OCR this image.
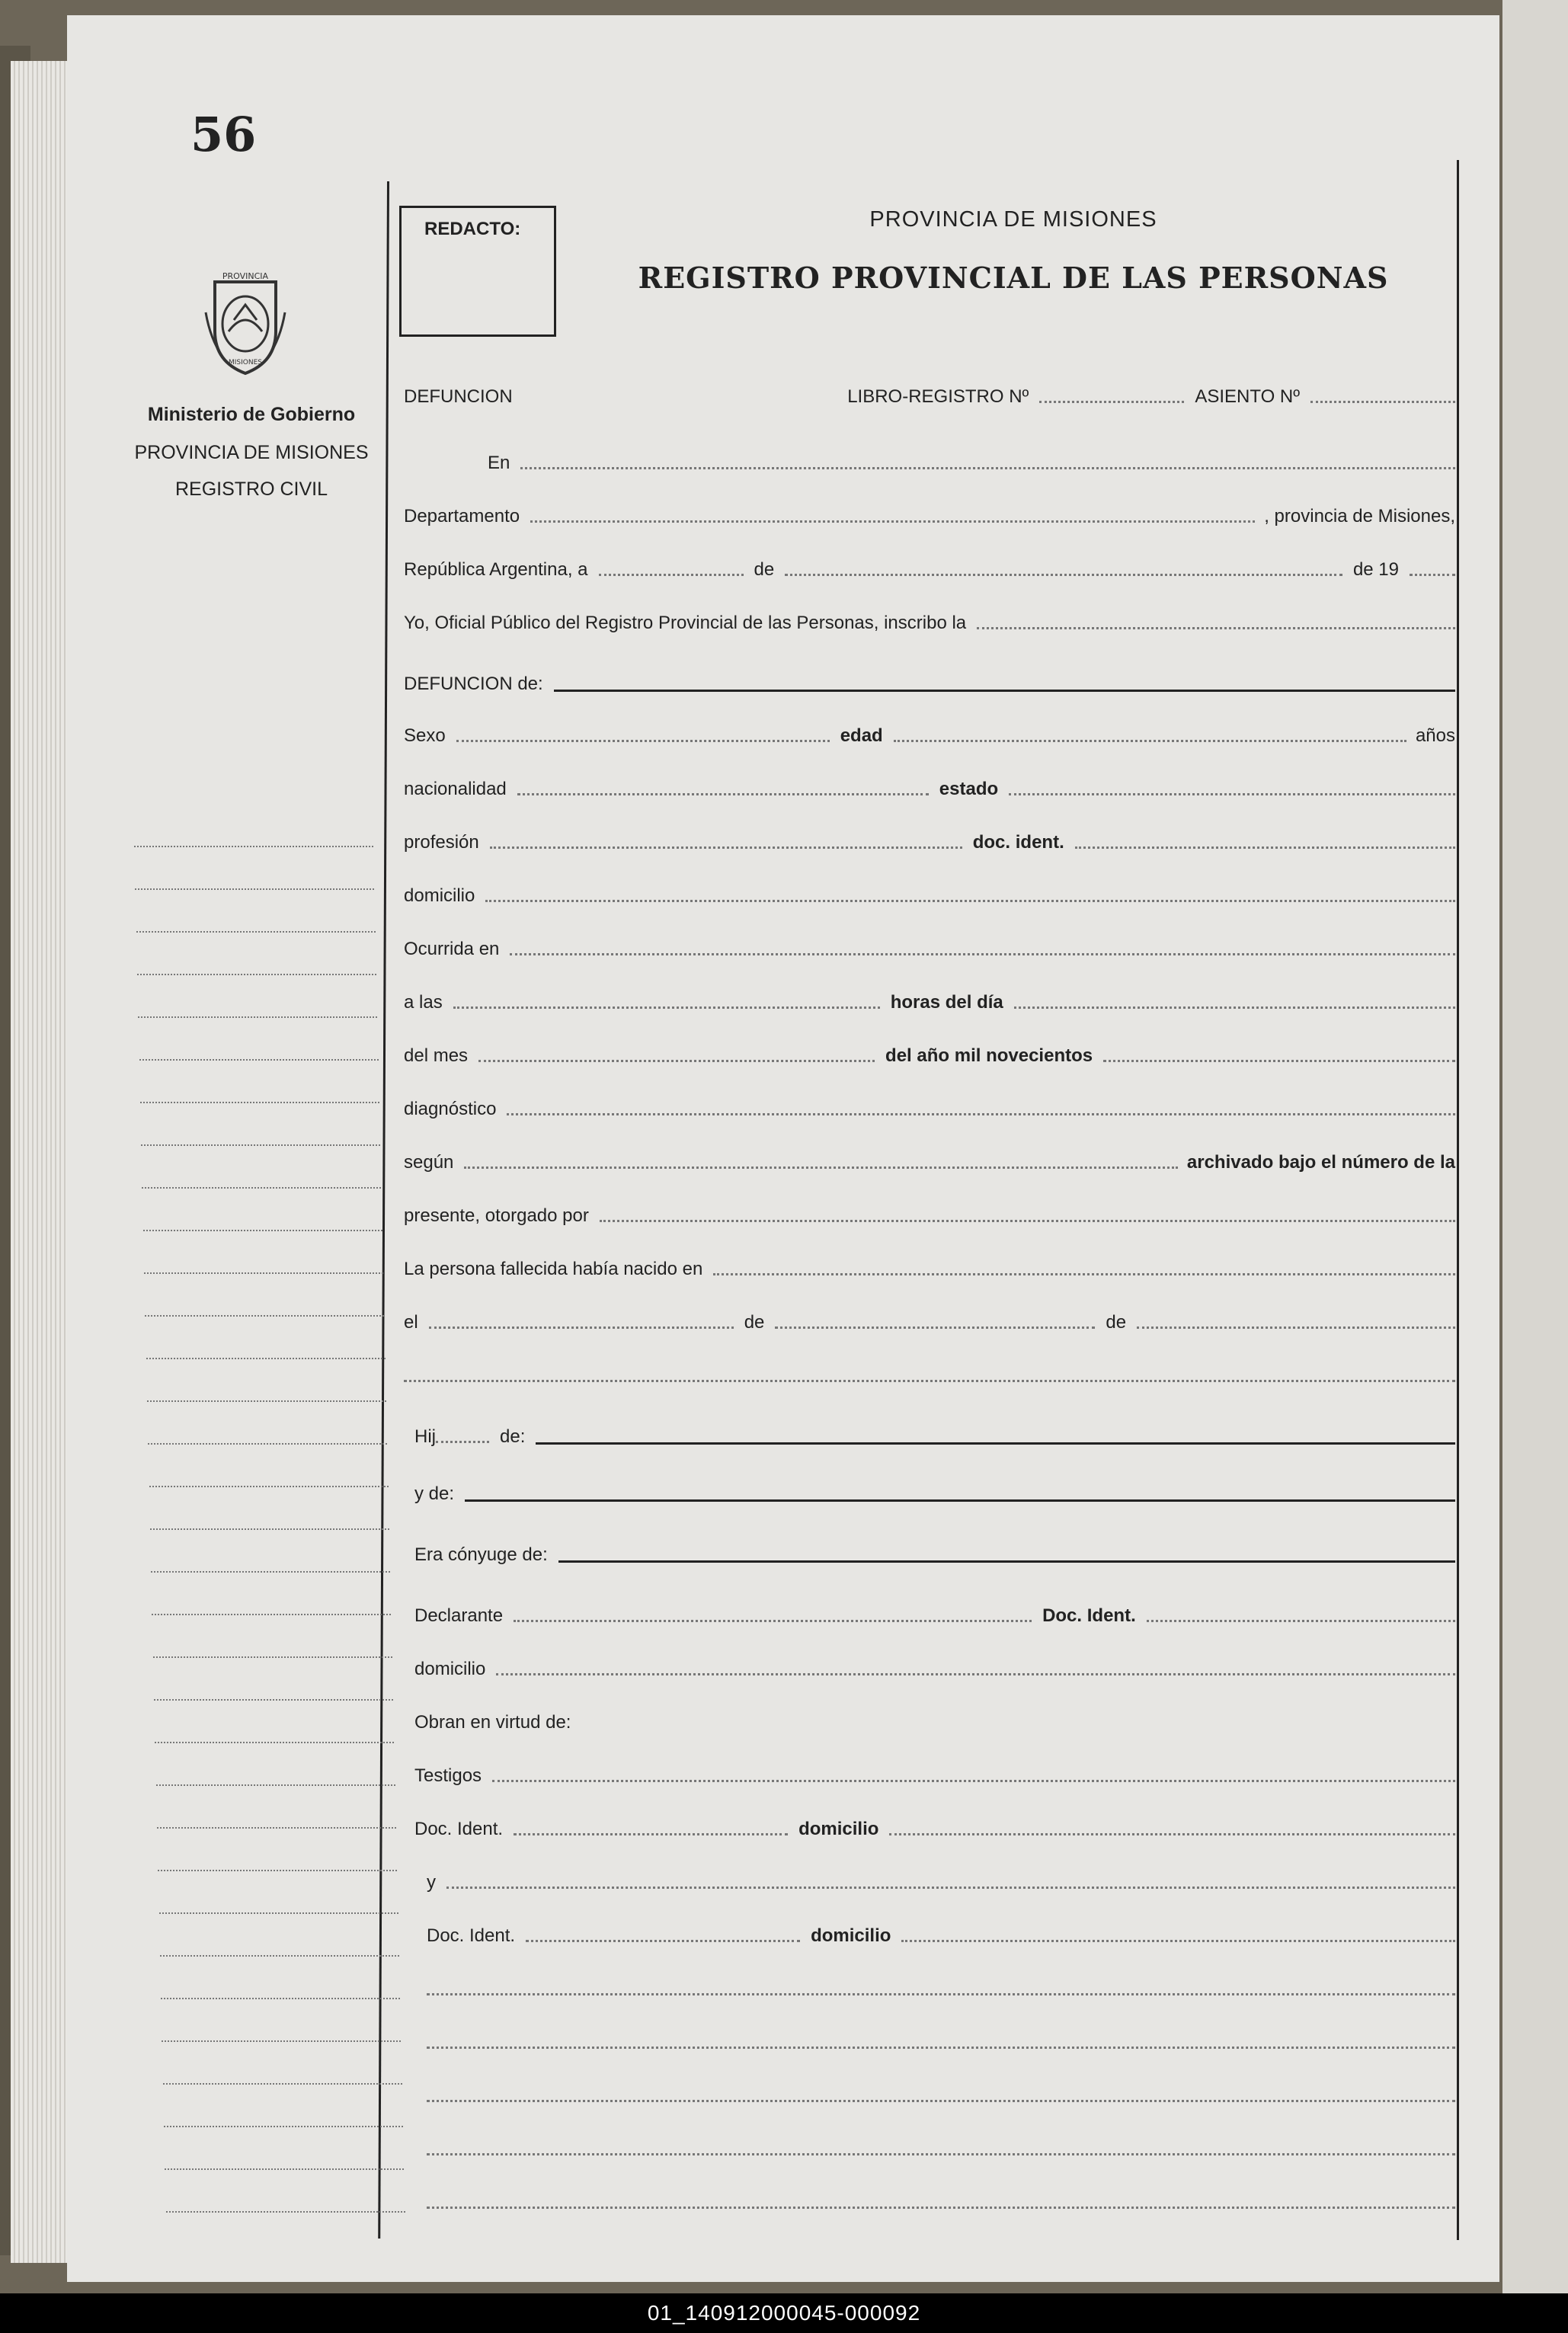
56
PROVINCIA
MISIONES
Ministerio de Gobierno
PROVINCIA DE MISIONES
REGISTRO CIVIL
REDACTO:	PROVINCIA DE MISIONES
REGISTRO PROVINCIAL DE LAS PERSONAS
DEFUNCION	LIBRO-REGISTRO Nº	ASIENTO Nº
En
Departamento	, provincia de Misiones,
República Argentina, a	de	de 19
Yo, Oficial Público del Registro Provincial de las Personas, inscribo la
DEFUNCION de:
Sexo	edad	años
nacionalidad	estado
profesión	doc. ident.
domicilio
Ocurrida en
a las	horas del día
del mes	del año mil novecientos
diagnóstico
según	archivado bajo el número de la
presente, otorgado por
La persona fallecida había nacido en
el	de	de
Hij	de:
y de:
Era cónyuge de:
Declarante	Doc. Ident.
domicilio
Obran en virtud de:
Testigos
Doc. Ident.	domicilio
y
Doc. Ident.	domicilio
01_140912000045-000092
